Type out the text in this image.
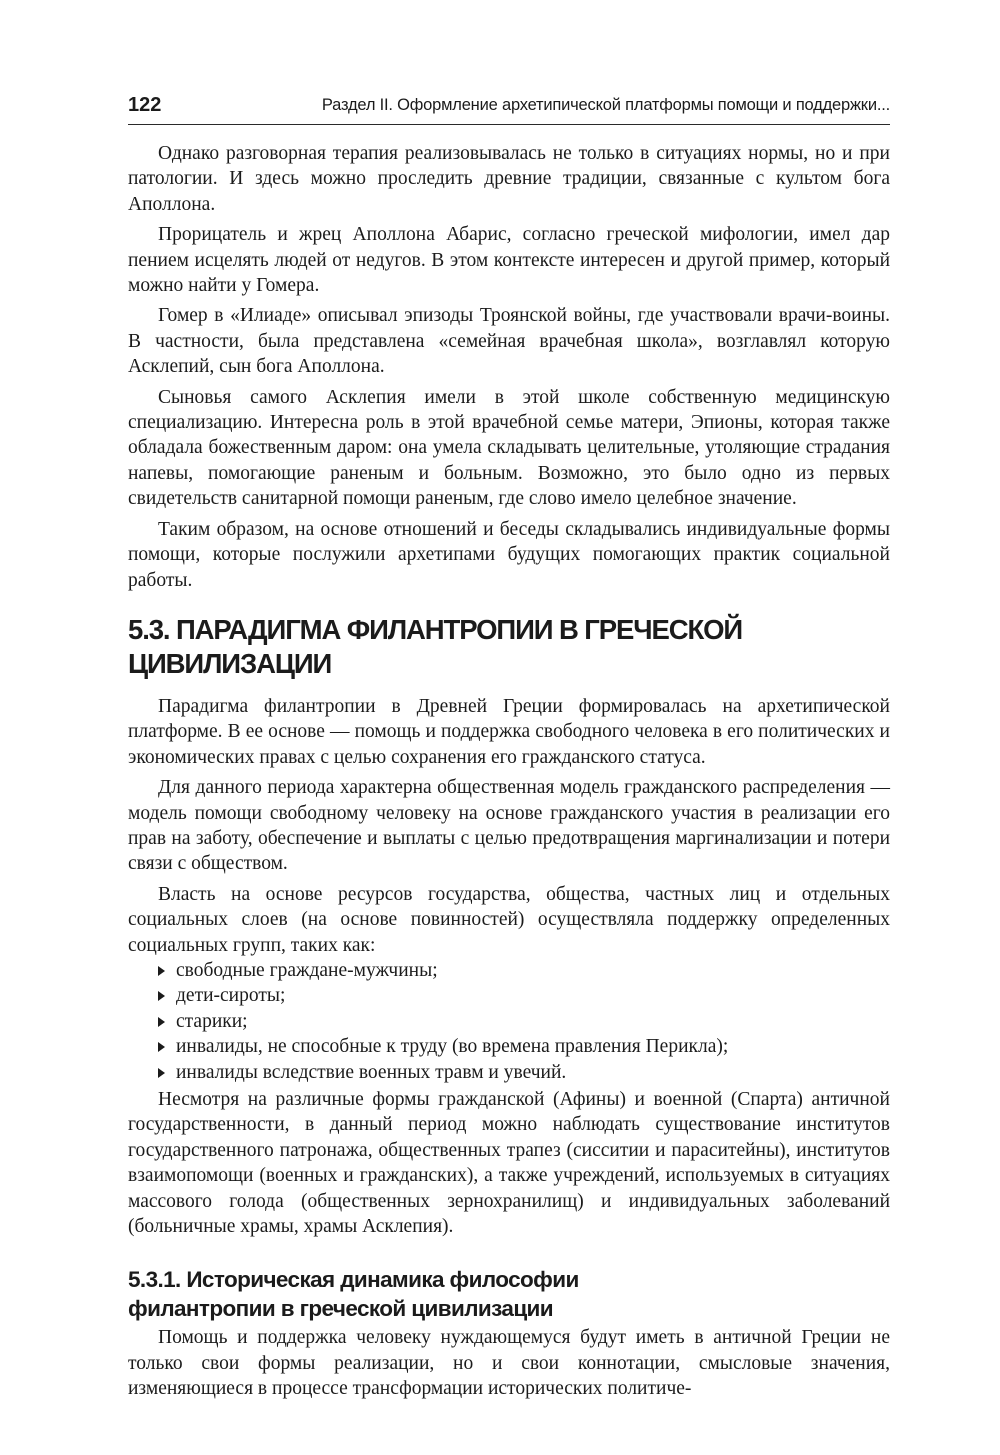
122	Раздел II. Оформление архетипической платформы помощи и поддержки...

Однако разговорная терапия реализовывалась не только в ситуациях нормы, но и при патологии. И здесь можно проследить древние традиции, связанные с культом бога Аполлона.

Прорицатель и жрец Аполлона Абарис, согласно греческой мифологии, имел дар пением исцелять людей от недугов. В этом контексте интересен и другой пример, который можно найти у Гомера.

Гомер в «Илиаде» описывал эпизоды Троянской войны, где участвовали врачи-воины. В частности, была представлена «семейная врачебная школа», возглавлял которую Асклепий, сын бога Аполлона.

Сыновья самого Асклепия имели в этой школе собственную медицинскую специализацию. Интересна роль в этой врачебной семье матери, Эпионы, которая также обладала божественным даром: она умела складывать целительные, утоляющие страдания напевы, помогающие раненым и больным. Возможно, это было одно из первых свидетельств санитарной помощи раненым, где слово имело целебное значение.

Таким образом, на основе отношений и беседы складывались индивидуальные формы помощи, которые послужили архетипами будущих помогающих практик социальной работы.

5.3. ПАРАДИГМА ФИЛАНТРОПИИ В ГРЕЧЕСКОЙ ЦИВИЛИЗАЦИИ

Парадигма филантропии в Древней Греции формировалась на архетипической платформе. В ее основе — помощь и поддержка свободного человека в его политических и экономических правах с целью сохранения его гражданского статуса.

Для данного периода характерна общественная модель гражданского распределения — модель помощи свободному человеку на основе гражданского участия в реализации его прав на заботу, обеспечение и выплаты с целью предотвращения маргинализации и потери связи с обществом.

Власть на основе ресурсов государства, общества, частных лиц и отдельных социальных слоев (на основе повинностей) осуществляла поддержку определенных социальных групп, таких как:

свободные граждане-мужчины;
дети-сироты;
старики;
инвалиды, не способные к труду (во времена правления Перикла);
инвалиды вследствие военных травм и увечий.

Несмотря на различные формы гражданской (Афины) и военной (Спарта) античной государственности, в данный период можно наблюдать существование институтов государственного патронажа, общественных трапез (сисситии и параситейны), институтов взаимопомощи (военных и гражданских), а также учреждений, используемых в ситуациях массового голода (общественных зернохранилищ) и индивидуальных заболеваний (больничные храмы, храмы Асклепия).

5.3.1. Историческая динамика философии
филантропии в греческой цивилизации

Помощь и поддержка человеку нуждающемуся будут иметь в античной Греции не только свои формы реализации, но и свои коннотации, смысловые значения, изменяющиеся в процессе трансформации исторических политиче-
